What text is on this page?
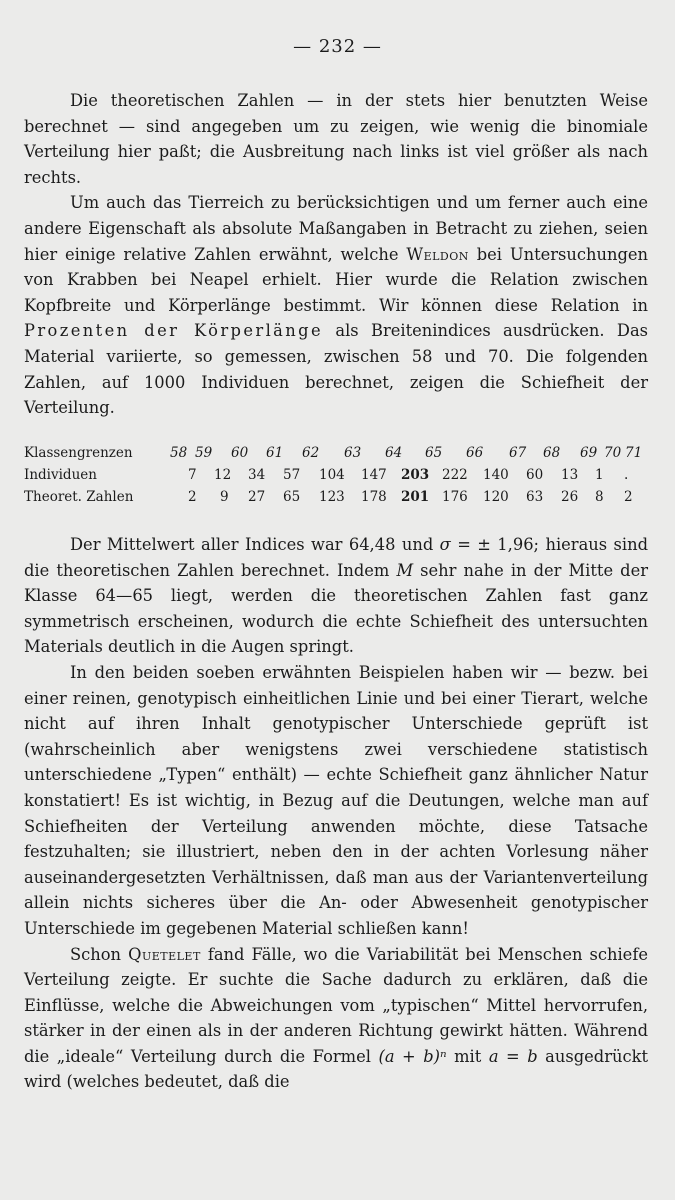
— 232 —

Die theoretischen Zahlen — in der stets hier benutzten Weise berechnet — sind angegeben um zu zeigen, wie wenig die binomiale Verteilung hier paßt; die Ausbreitung nach links ist viel größer als nach rechts.

Um auch das Tierreich zu berücksichtigen und um ferner auch eine andere Eigenschaft als absolute Maßangaben in Betracht zu ziehen, seien hier einige relative Zahlen erwähnt, welche Weldon bei Untersuchungen von Krabben bei Neapel erhielt. Hier wurde die Relation zwischen Kopfbreite und Körperlänge bestimmt. Wir können diese Relation in Prozenten der Körperlänge als Breitenindices ausdrücken. Das Material variierte, so gemessen, zwischen 58 und 70. Die folgenden Zahlen, auf 1000 Individuen berechnet, zeigen die Schiefheit der Verteilung.

Klassengrenzen	58 59 60 61 62 63 64 65 66 67 68 69 70 71
Individuen	7 12 34 57 104 147 203 222 140 60 13 1 .
Theoret. Zahlen	2 9 27 65 123 178 201 176 120 63 26 8 2

Der Mittelwert aller Indices war 64,48 und σ = ± 1,96; hieraus sind die theoretischen Zahlen berechnet. Indem M sehr nahe in der Mitte der Klasse 64—65 liegt, werden die theoretischen Zahlen fast ganz symmetrisch erscheinen, wodurch die echte Schiefheit des untersuchten Materials deutlich in die Augen springt.

In den beiden soeben erwähnten Beispielen haben wir — bezw. bei einer reinen, genotypisch einheitlichen Linie und bei einer Tierart, welche nicht auf ihren Inhalt genotypischer Unterschiede geprüft ist (wahrscheinlich aber wenigstens zwei verschiedene statistisch unterschiedene „Typen“ enthält) — echte Schiefheit ganz ähnlicher Natur konstatiert! Es ist wichtig, in Bezug auf die Deutungen, welche man auf Schiefheiten der Verteilung anwenden möchte, diese Tatsache festzuhalten; sie illustriert, neben den in der achten Vorlesung näher auseinandergesetzten Verhältnissen, daß man aus der Variantenverteilung allein nichts sicheres über die An- oder Abwesenheit genotypischer Unterschiede im gegebenen Material schließen kann!

Schon Quetelet fand Fälle, wo die Variabilität bei Menschen schiefe Verteilung zeigte. Er suchte die Sache dadurch zu erklären, daß die Einflüsse, welche die Abweichungen vom „typischen“ Mittel hervorrufen, stärker in der einen als in der anderen Richtung gewirkt hätten. Während die „ideale“ Verteilung durch die Formel (a + b)ⁿ mit a = b ausgedrückt wird (welches bedeutet, daß die
